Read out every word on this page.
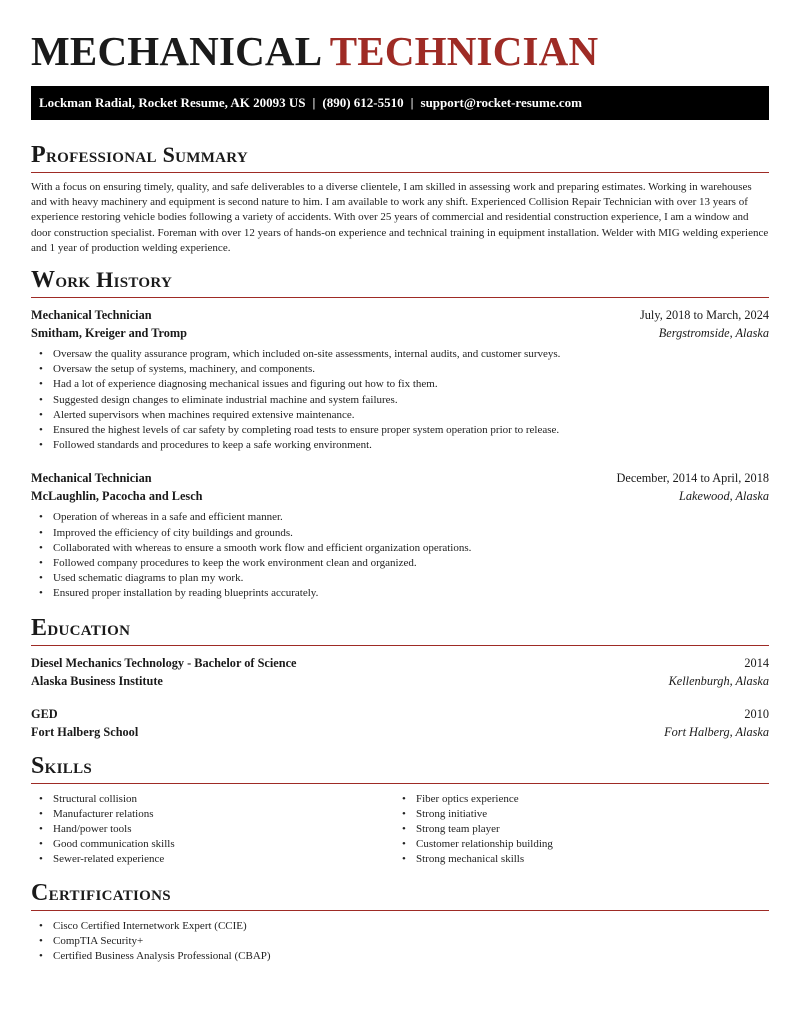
MECHANICAL TECHNICIAN
Lockman Radial, Rocket Resume, AK 20093 US | (890) 612-5510 | support@rocket-resume.com
Professional Summary

With a focus on ensuring timely, quality, and safe deliverables to a diverse clientele, I am skilled in assessing work and preparing estimates. Working in warehouses and with heavy machinery and equipment is second nature to him. I am available to work any shift. Experienced Collision Repair Technician with over 13 years of experience restoring vehicle bodies following a variety of accidents. With over 25 years of commercial and residential construction experience, I am a window and door construction specialist. Foreman with over 12 years of hands-on experience and technical training in equipment installation. Welder with MIG welding experience and 1 year of production welding experience.

Work History
Mechanical Technician	July, 2018 to March, 2024
Smitham, Kreiger and Tromp	Bergstromside, Alaska
• Oversaw the quality assurance program, which included on-site assessments, internal audits, and customer surveys.
• Oversaw the setup of systems, machinery, and components.
• Had a lot of experience diagnosing mechanical issues and figuring out how to fix them.
• Suggested design changes to eliminate industrial machine and system failures.
• Alerted supervisors when machines required extensive maintenance.
• Ensured the highest levels of car safety by completing road tests to ensure proper system operation prior to release.
• Followed standards and procedures to keep a safe working environment.
Mechanical Technician	December, 2014 to April, 2018
McLaughlin, Pacocha and Lesch	Lakewood, Alaska
• Operation of whereas in a safe and efficient manner.
• Improved the efficiency of city buildings and grounds.
• Collaborated with whereas to ensure a smooth work flow and efficient organization operations.
• Followed company procedures to keep the work environment clean and organized.
• Used schematic diagrams to plan my work.
• Ensured proper installation by reading blueprints accurately.
Education
Diesel Mechanics Technology - Bachelor of Science	2014
Alaska Business Institute	Kellenburgh, Alaska
GED	2010
Fort Halberg School	Fort Halberg, Alaska
Skills
• Structural collision
• Manufacturer relations
• Hand/power tools
• Good communication skills
• Sewer-related experience
• Fiber optics experience
• Strong initiative
• Strong team player
• Customer relationship building
• Strong mechanical skills
Certifications
• Cisco Certified Internetwork Expert (CCIE)
• CompTIA Security+
• Certified Business Analysis Professional (CBAP)
